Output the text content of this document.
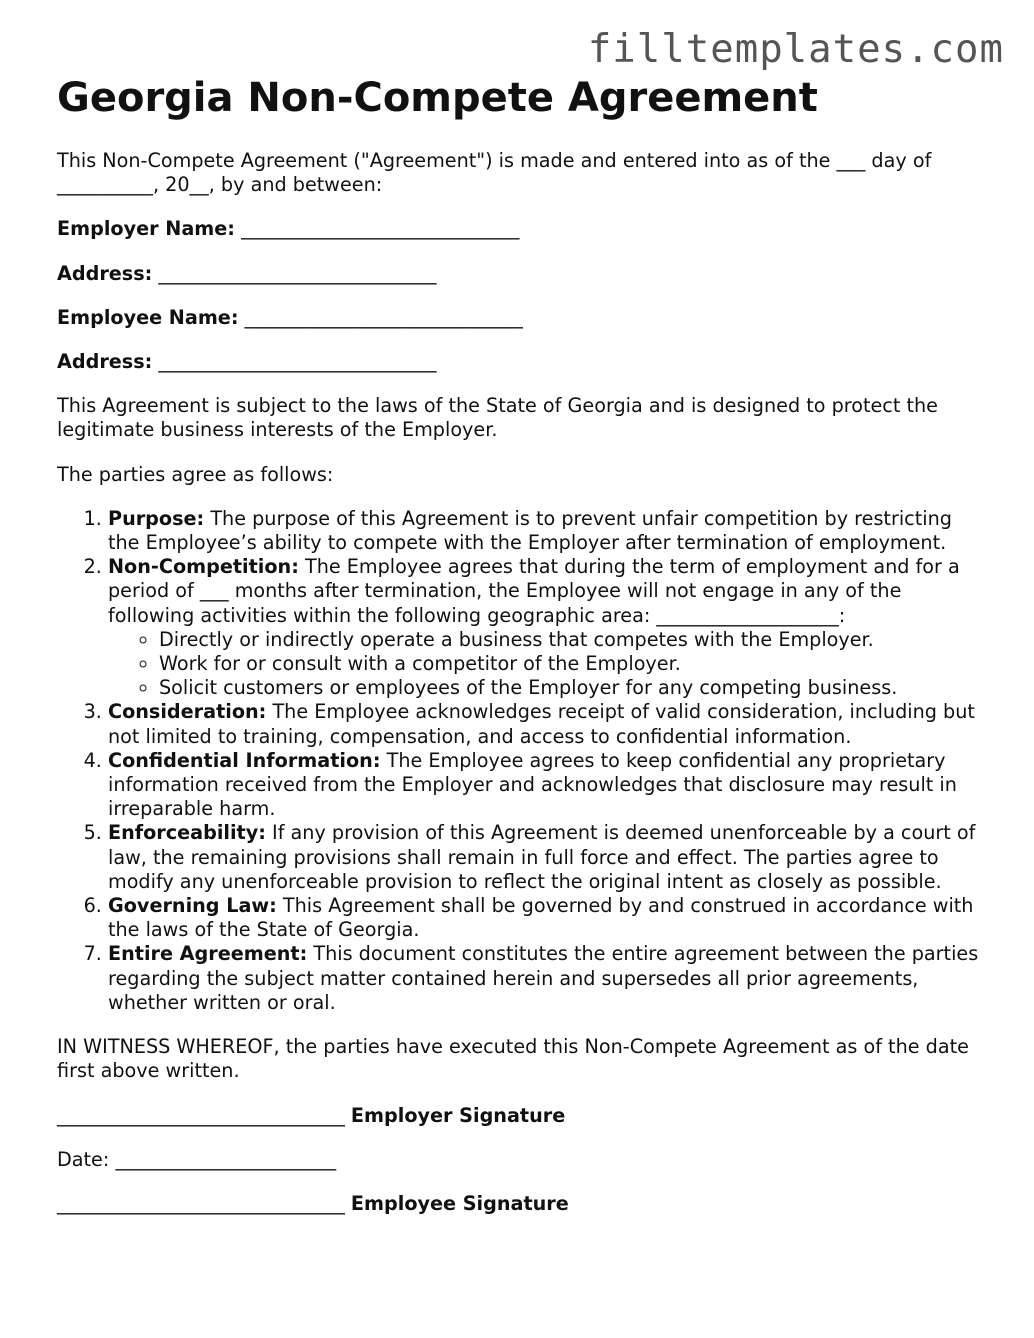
filltemplates.com
Georgia Non-Compete Agreement

This Non-Compete Agreement ("Agreement") is made and entered into as of the ___ day of __________, 20__, by and between:

Employer Name: _____________________________

Address: _____________________________

Employee Name: _____________________________

Address: _____________________________

This Agreement is subject to the laws of the State of Georgia and is designed to protect the legitimate business interests of the Employer.

The parties agree as follows:

1. Purpose: The purpose of this Agreement is to prevent unfair competition by restricting the Employee’s ability to compete with the Employer after termination of employment.
2. Non-Competition: The Employee agrees that during the term of employment and for a period of ___ months after termination, the Employee will not engage in any of the following activities within the following geographic area: ___________________:
◦ Directly or indirectly operate a business that competes with the Employer.
◦ Work for or consult with a competitor of the Employer.
◦ Solicit customers or employees of the Employer for any competing business.
3. Consideration: The Employee acknowledges receipt of valid consideration, including but not limited to training, compensation, and access to confidential information.
4. Confidential Information: The Employee agrees to keep confidential any proprietary information received from the Employer and acknowledges that disclosure may result in irreparable harm.
5. Enforceability: If any provision of this Agreement is deemed unenforceable by a court of law, the remaining provisions shall remain in full force and effect. The parties agree to modify any unenforceable provision to reflect the original intent as closely as possible.
6. Governing Law: This Agreement shall be governed by and construed in accordance with the laws of the State of Georgia.
7. Entire Agreement: This document constitutes the entire agreement between the parties regarding the subject matter contained herein and supersedes all prior agreements, whether written or oral.

IN WITNESS WHEREOF, the parties have executed this Non-Compete Agreement as of the date first above written.

______________________________ Employer Signature

Date: _______________________

______________________________ Employee Signature
